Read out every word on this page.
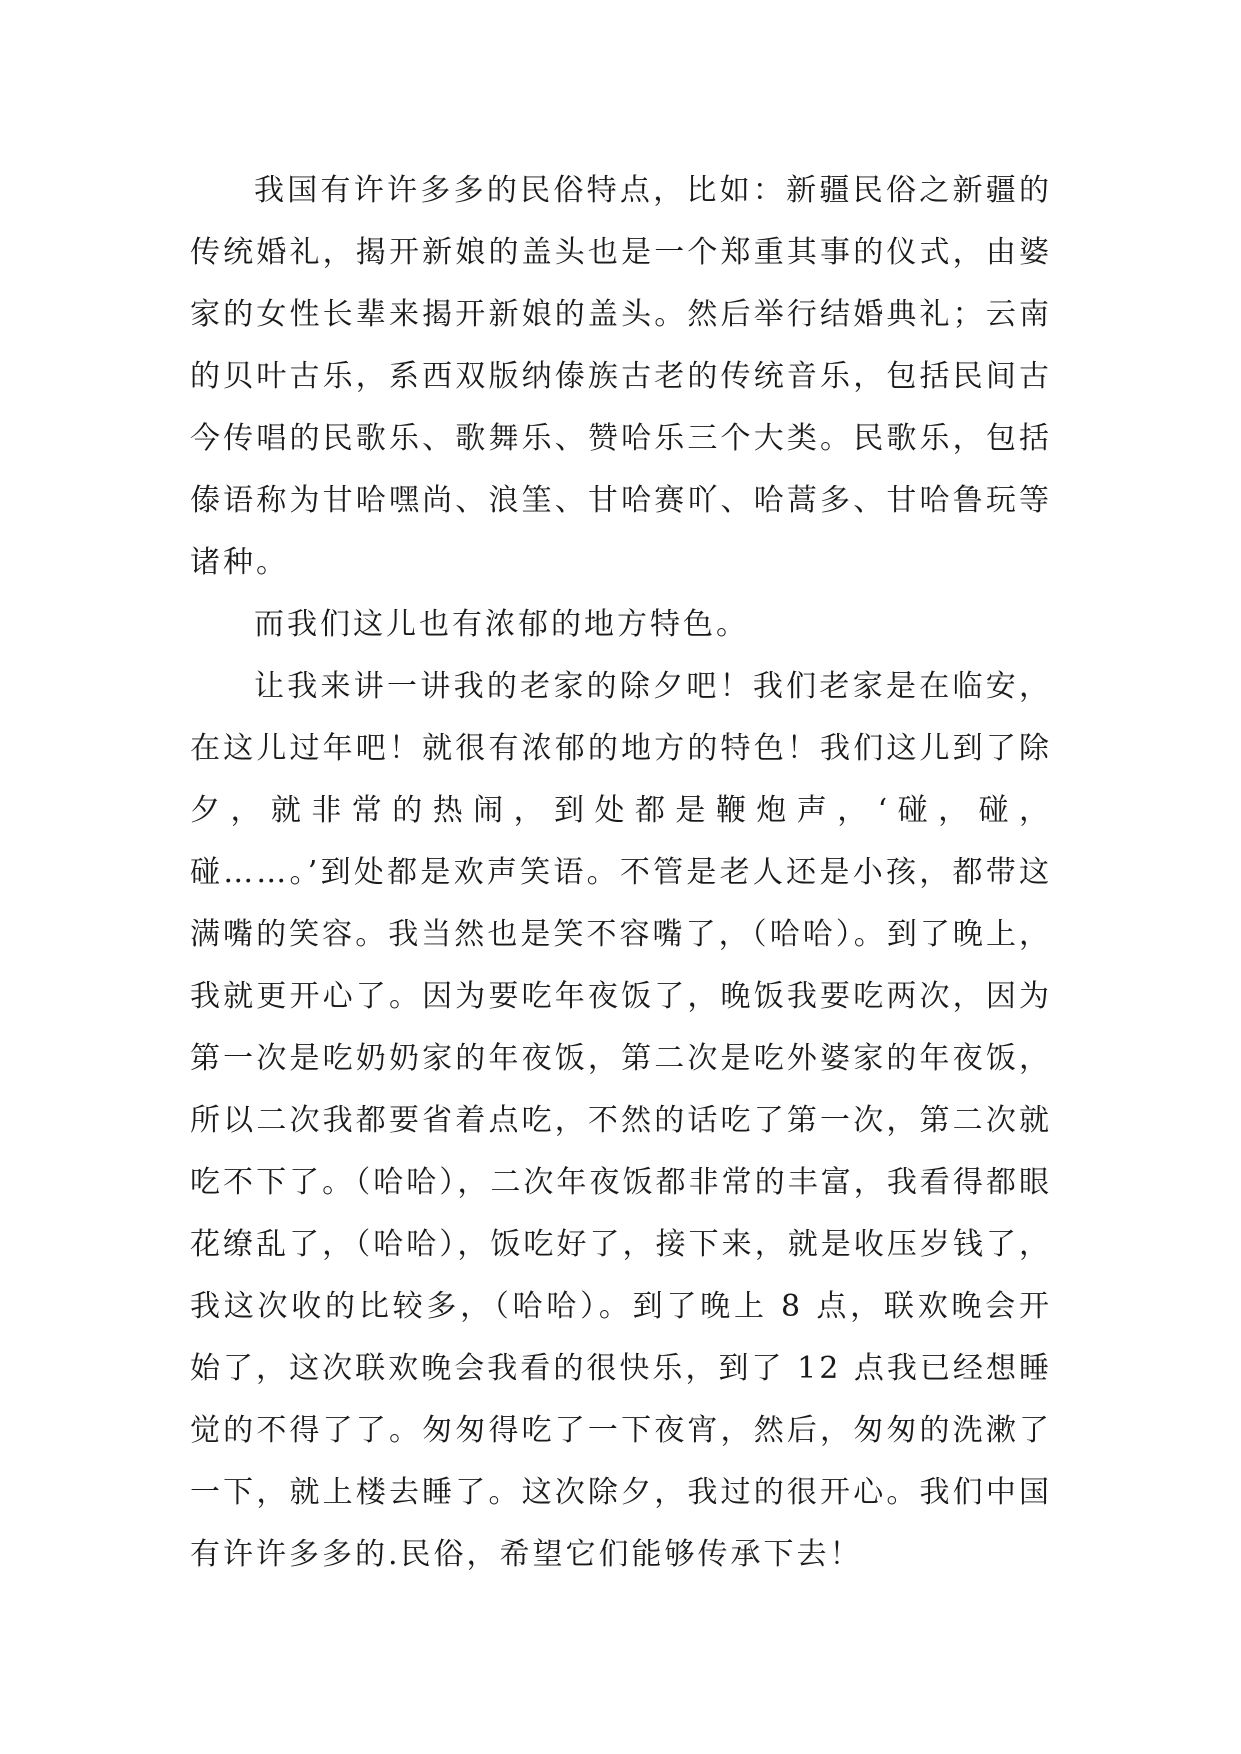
我国有许许多多的民俗特点，比如：新疆民俗之新疆的传统婚礼，揭开新娘的盖头也是一个郑重其事的仪式，由婆家的女性长辈来揭开新娘的盖头。然后举行结婚典礼；云南的贝叶古乐，系西双版纳傣族古老的传统音乐，包括民间古今传唱的民歌乐、歌舞乐、赞哈乐三个大类。民歌乐，包括傣语称为甘哈嘿尚、浪筀、甘哈赛吖、哈蒿多、甘哈鲁玩等诸种。

而我们这儿也有浓郁的地方特色。

让我来讲一讲我的老家的除夕吧！我们老家是在临安，在这儿过年吧！就很有浓郁的地方的特色！我们这儿到了除夕，就非常的热闹，到处都是鞭炮声，‘碰，碰，碰……。’到处都是欢声笑语。不管是老人还是小孩，都带这满嘴的笑容。我当然也是笑不容嘴了，（哈哈）。到了晚上，我就更开心了。因为要吃年夜饭了，晚饭我要吃两次，因为第一次是吃奶奶家的年夜饭，第二次是吃外婆家的年夜饭，所以二次我都要省着点吃，不然的话吃了第一次，第二次就吃不下了。（哈哈），二次年夜饭都非常的丰富，我看得都眼花缭乱了，（哈哈），饭吃好了，接下来，就是收压岁钱了，我这次收的比较多，（哈哈）。到了晚上 8 点，联欢晚会开始了，这次联欢晚会我看的很快乐，到了 12 点我已经想睡觉的不得了了。匆匆得吃了一下夜宵，然后，匆匆的洗漱了一下，就上楼去睡了。这次除夕，我过的很开心。我们中国有许许多多的.民俗，希望它们能够传承下去！
